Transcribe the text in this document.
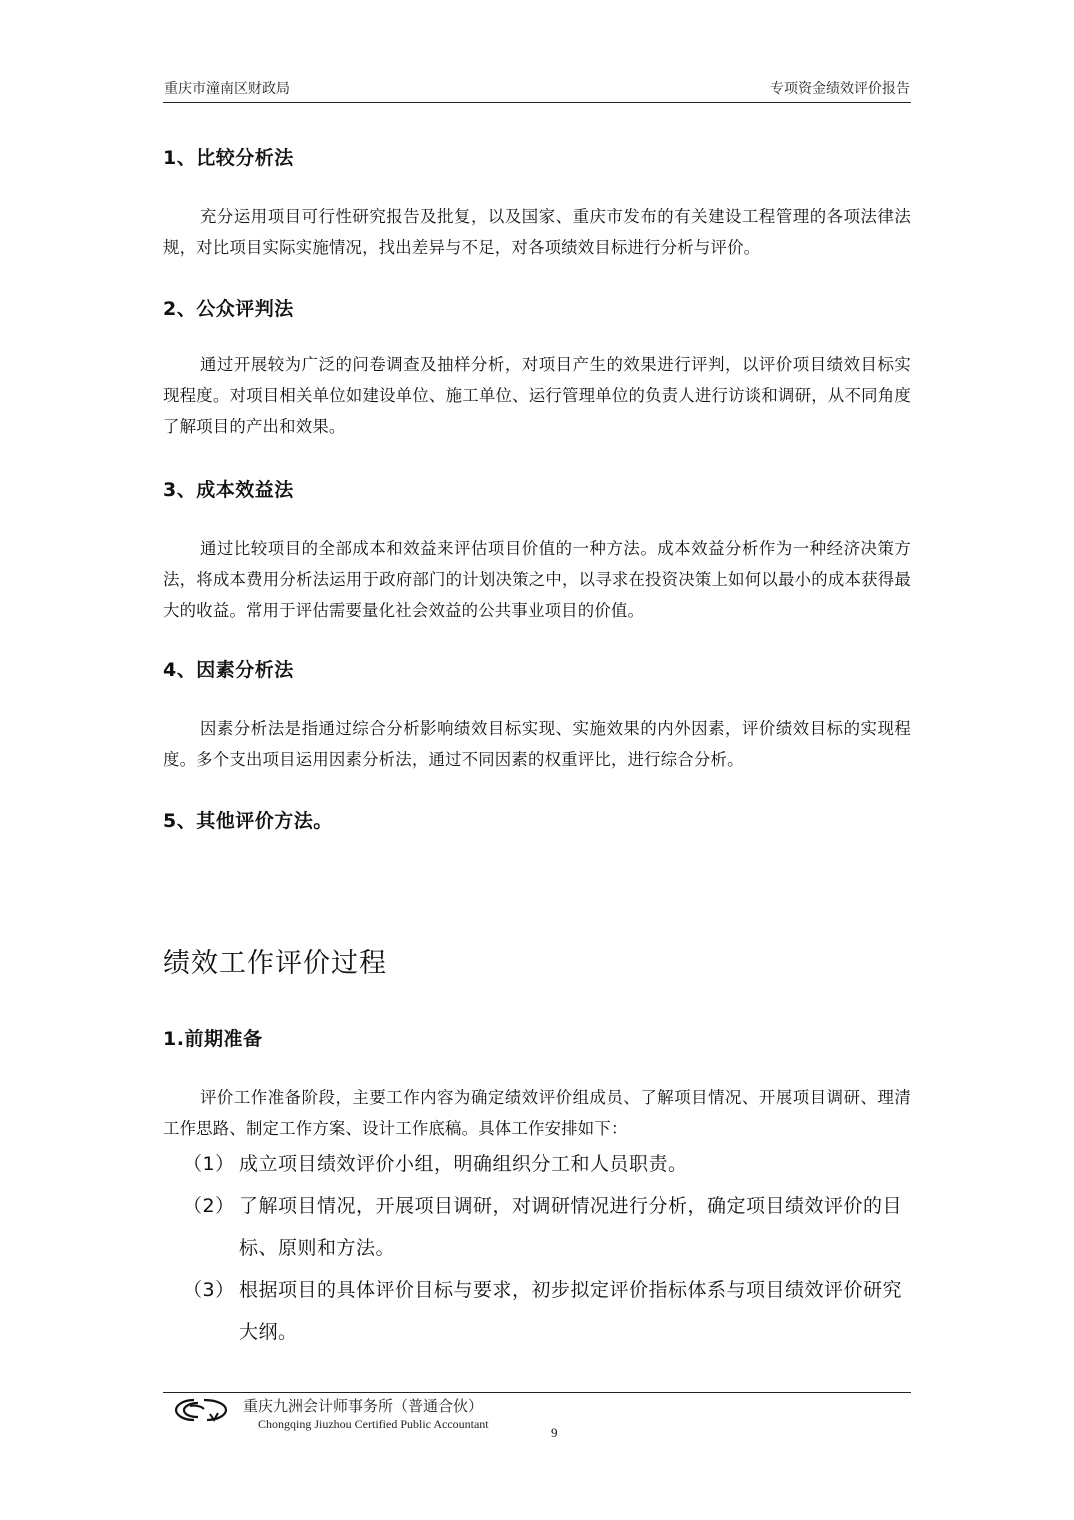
重庆市潼南区财政局	专项资金绩效评价报告
1、比较分析法
充分运用项目可行性研究报告及批复，以及国家、重庆市发布的有关建设工程管理的各项法律法规，对比项目实际实施情况，找出差异与不足，对各项绩效目标进行分析与评价。
2、公众评判法
通过开展较为广泛的问卷调查及抽样分析，对项目产生的效果进行评判，以评价项目绩效目标实现程度。对项目相关单位如建设单位、施工单位、运行管理单位的负责人进行访谈和调研，从不同角度了解项目的产出和效果。
3、成本效益法
通过比较项目的全部成本和效益来评估项目价值的一种方法。成本效益分析作为一种经济决策方法，将成本费用分析法运用于政府部门的计划决策之中，以寻求在投资决策上如何以最小的成本获得最大的收益。常用于评估需要量化社会效益的公共事业项目的价值。
4、因素分析法
因素分析法是指通过综合分析影响绩效目标实现、实施效果的内外因素，评价绩效目标的实现程度。多个支出项目运用因素分析法，通过不同因素的权重评比，进行综合分析。
5、其他评价方法。
绩效工作评价过程
1.前期准备
评价工作准备阶段，主要工作内容为确定绩效评价组成员、了解项目情况、开展项目调研、理清工作思路、制定工作方案、设计工作底稿。具体工作安排如下：
（1） 成立项目绩效评价小组，明确组织分工和人员职责。
（2） 了解项目情况，开展项目调研，对调研情况进行分析，确定项目绩效评价的目标、原则和方法。
（3） 根据项目的具体评价目标与要求，初步拟定评价指标体系与项目绩效评价研究大纲。
重庆九洲会计师事务所（普通合伙）
Chongqing Jiuzhou Certified Public Accountant
9
